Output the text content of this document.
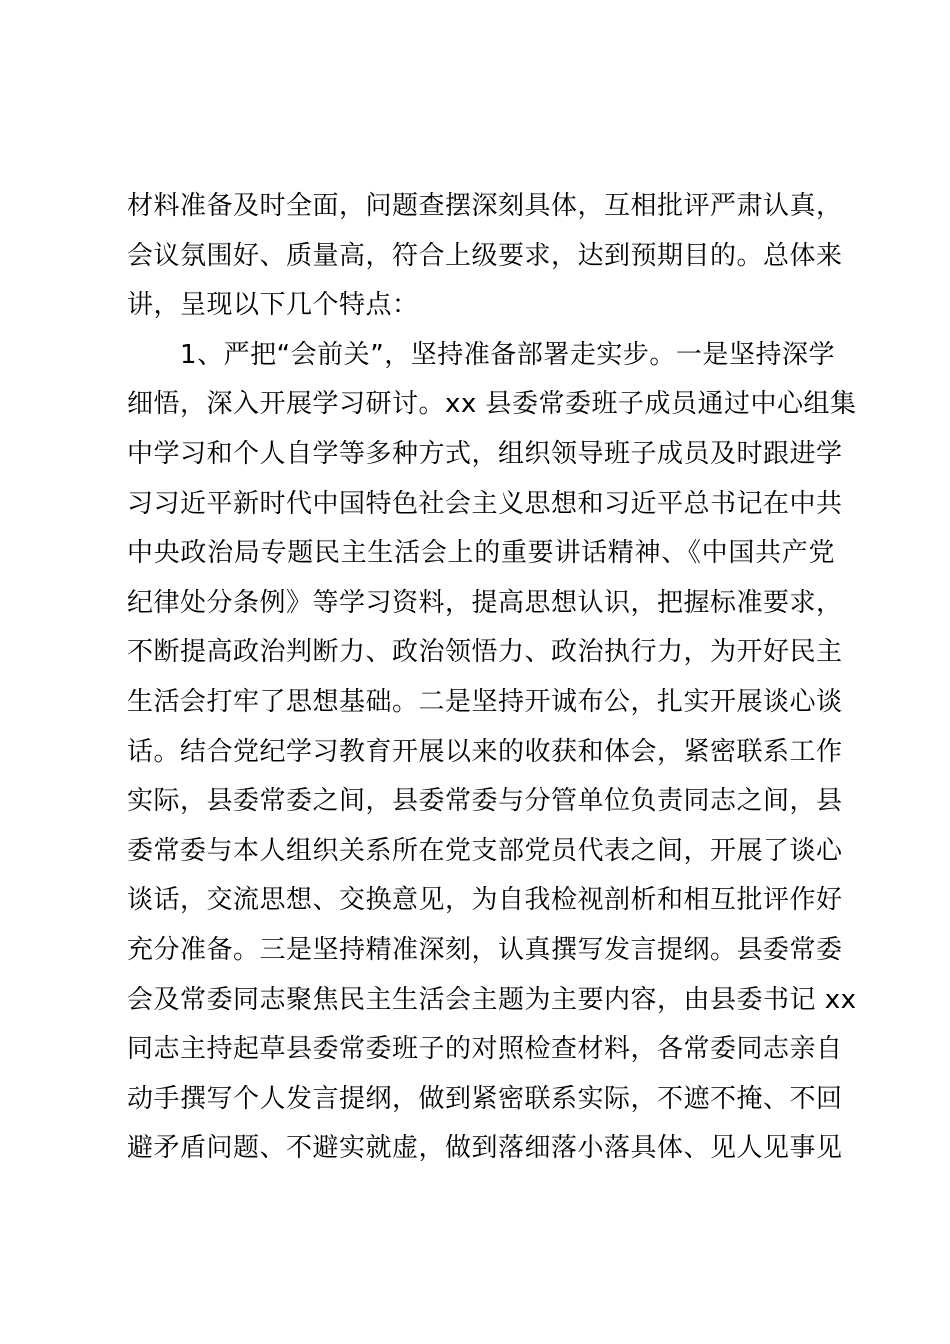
材料准备及时全面，问题查摆深刻具体，互相批评严肃认真，
会议氛围好、质量高，符合上级要求，达到预期目的。总体来
讲，呈现以下几个特点：
　　1、严把“会前关”，坚持准备部署走实步。一是坚持深学
细悟，深入开展学习研讨。xx 县委常委班子成员通过中心组集
中学习和个人自学等多种方式，组织领导班子成员及时跟进学
习习近平新时代中国特色社会主义思想和习近平总书记在中共
中央政治局专题民主生活会上的重要讲话精神、《中国共产党
纪律处分条例》等学习资料，提高思想认识，把握标准要求，
不断提高政治判断力、政治领悟力、政治执行力，为开好民主
生活会打牢了思想基础。二是坚持开诚布公，扎实开展谈心谈
话。结合党纪学习教育开展以来的收获和体会，紧密联系工作
实际，县委常委之间，县委常委与分管单位负责同志之间，县
委常委与本人组织关系所在党支部党员代表之间，开展了谈心
谈话，交流思想、交换意见，为自我检视剖析和相互批评作好
充分准备。三是坚持精准深刻，认真撰写发言提纲。县委常委
会及常委同志聚焦民主生活会主题为主要内容，由县委书记 xx
同志主持起草县委常委班子的对照检查材料，各常委同志亲自
动手撰写个人发言提纲，做到紧密联系实际，不遮不掩、不回
避矛盾问题、不避实就虚，做到落细落小落具体、见人见事见
